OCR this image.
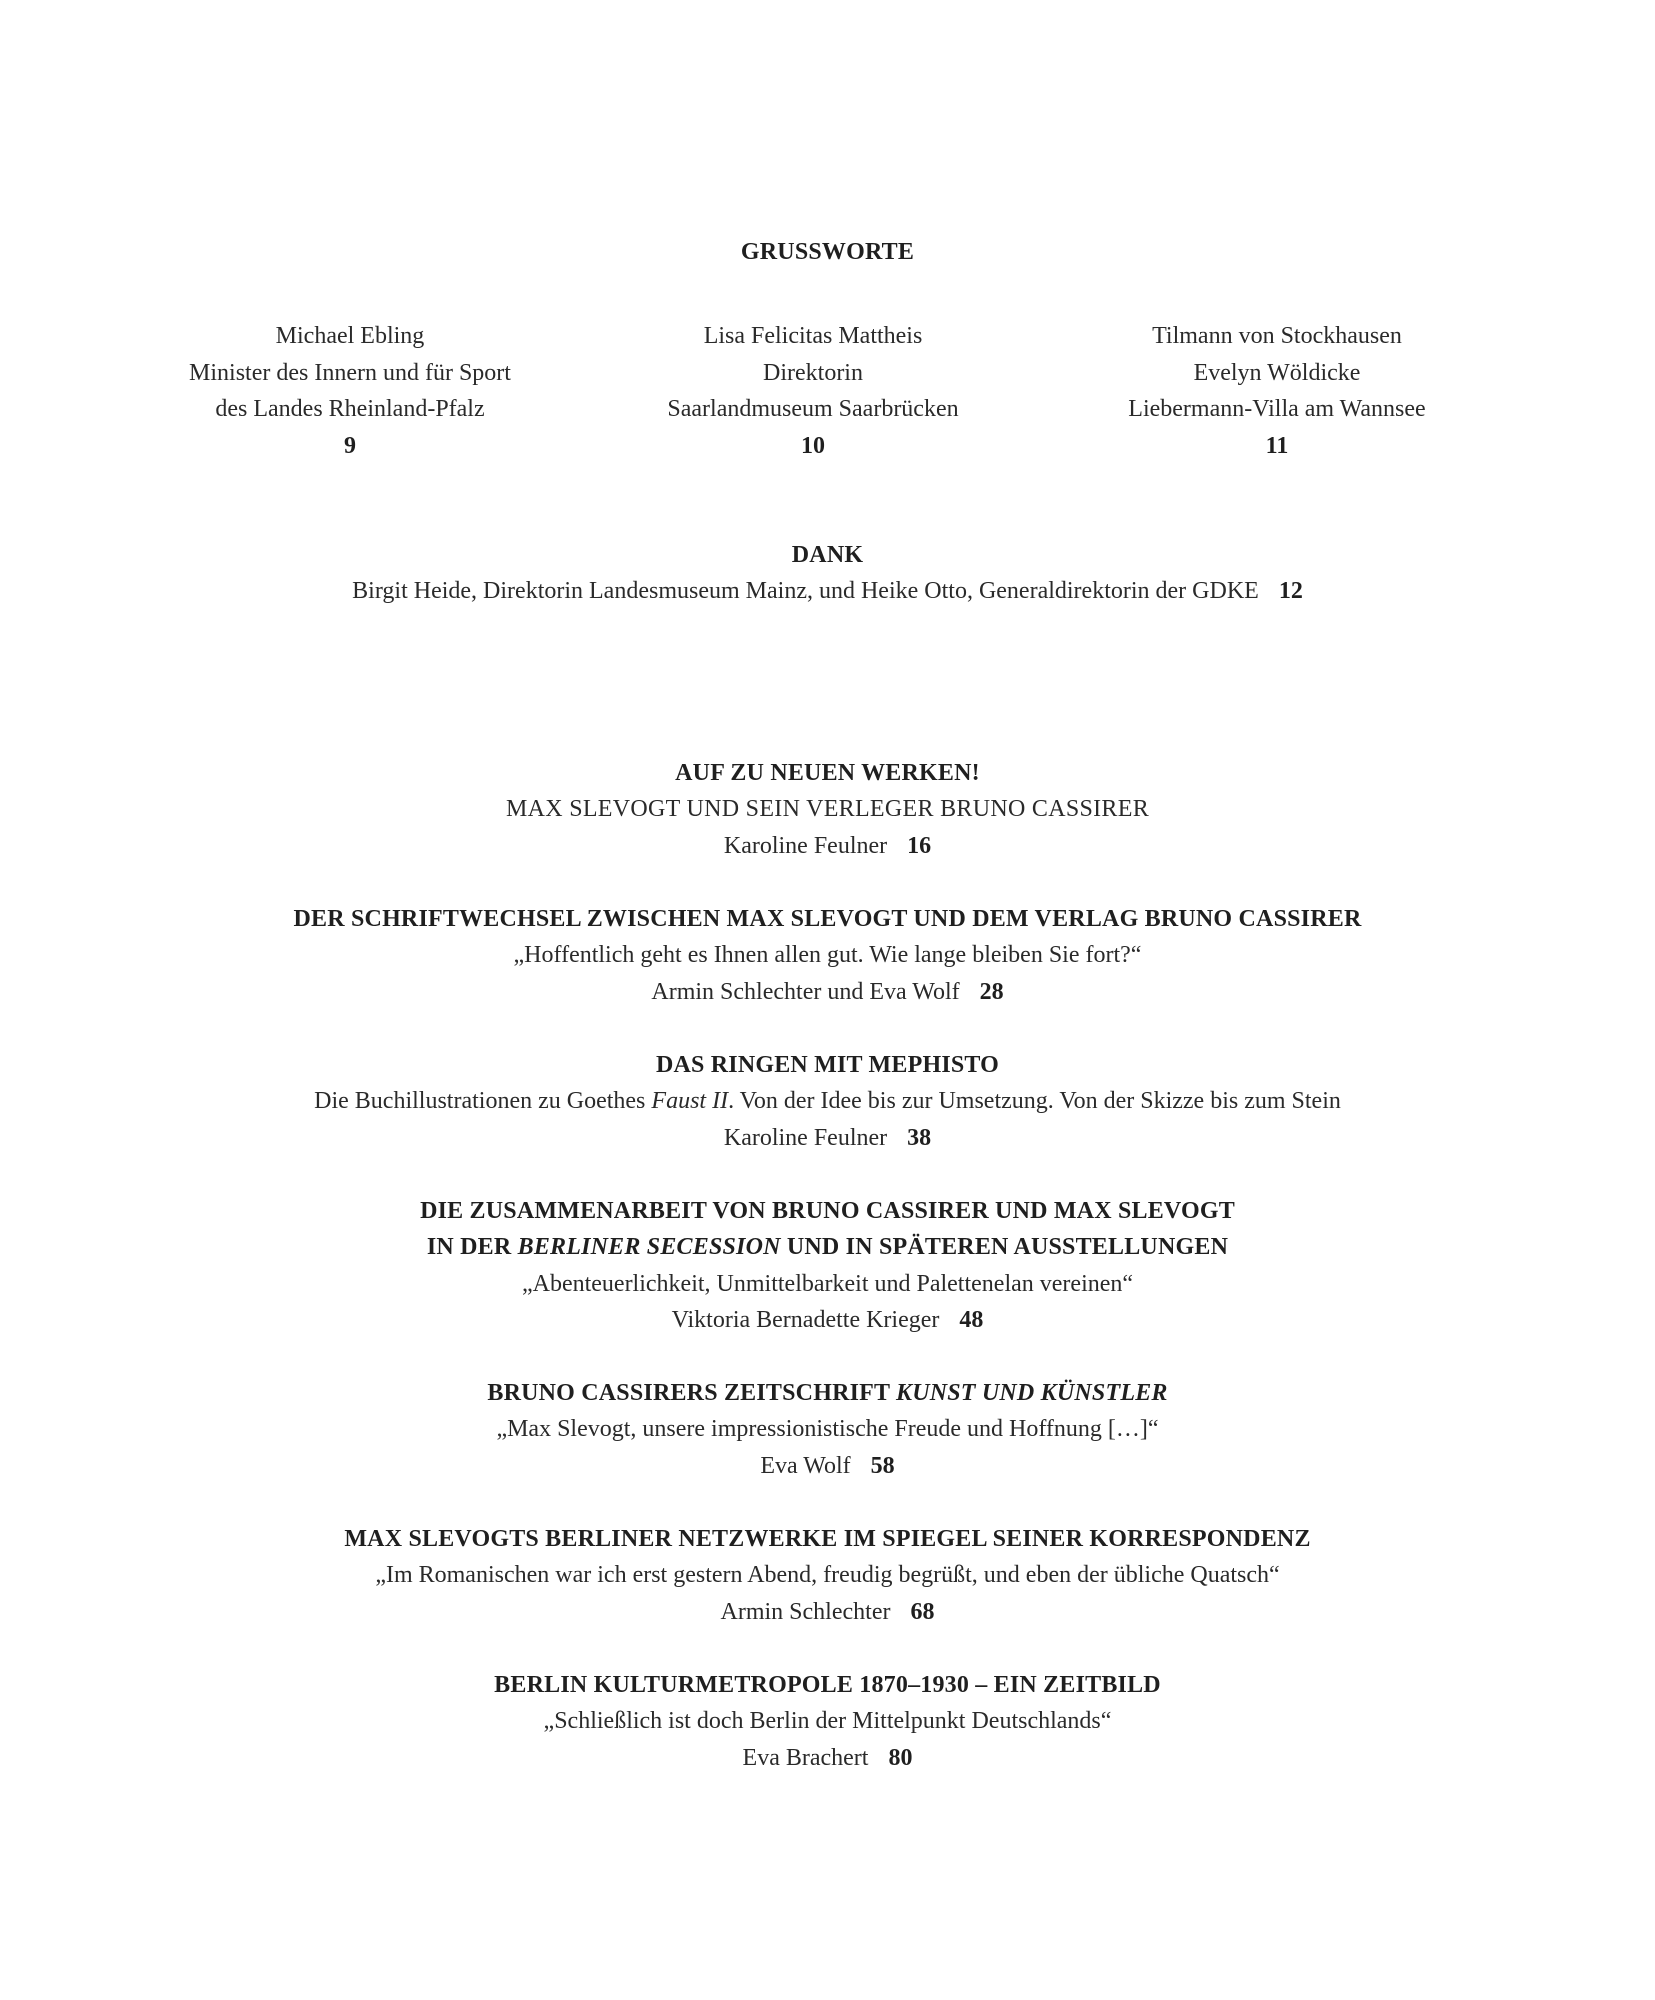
GRUSSWORTE
Michael Ebling
Minister des Innern und für Sport
des Landes Rheinland-Pfalz
9
Lisa Felicitas Mattheis
Direktorin
Saarlandmuseum Saarbrücken
10
Tilmann von Stockhausen
Evelyn Wöldicke
Liebermann-Villa am Wannsee
11
DANK
Birgit Heide, Direktorin Landesmuseum Mainz, und Heike Otto, Generaldirektorin der GDKE 12
AUF ZU NEUEN WERKEN!
MAX SLEVOGT UND SEIN VERLEGER BRUNO CASSIRER
Karoline Feulner 16
DER SCHRIFTWECHSEL ZWISCHEN MAX SLEVOGT UND DEM VERLAG BRUNO CASSIRER
„Hoffentlich geht es Ihnen allen gut. Wie lange bleiben Sie fort?“
Armin Schlechter und Eva Wolf 28
DAS RINGEN MIT MEPHISTO
Die Buchillustrationen zu Goethes Faust II. Von der Idee bis zur Umsetzung. Von der Skizze bis zum Stein
Karoline Feulner 38
DIE ZUSAMMENARBEIT VON BRUNO CASSIRER UND MAX SLEVOGT
IN DER BERLINER SECESSION UND IN SPÄTEREN AUSSTELLUNGEN
„Abenteuerlichkeit, Unmittelbarkeit und Palettenelan vereinen“
Viktoria Bernadette Krieger 48
BRUNO CASSIRERS ZEITSCHRIFT KUNST UND KÜNSTLER
„Max Slevogt, unsere impressionistische Freude und Hoffnung […]“
Eva Wolf 58
MAX SLEVOGTS BERLINER NETZWERKE IM SPIEGEL SEINER KORRESPONDENZ
„Im Romanischen war ich erst gestern Abend, freudig begrüßt, und eben der übliche Quatsch“
Armin Schlechter 68
BERLIN KULTURMETROPOLE 1870–1930 – EIN ZEITBILD
„Schließlich ist doch Berlin der Mittelpunkt Deutschlands“
Eva Brachert 80
